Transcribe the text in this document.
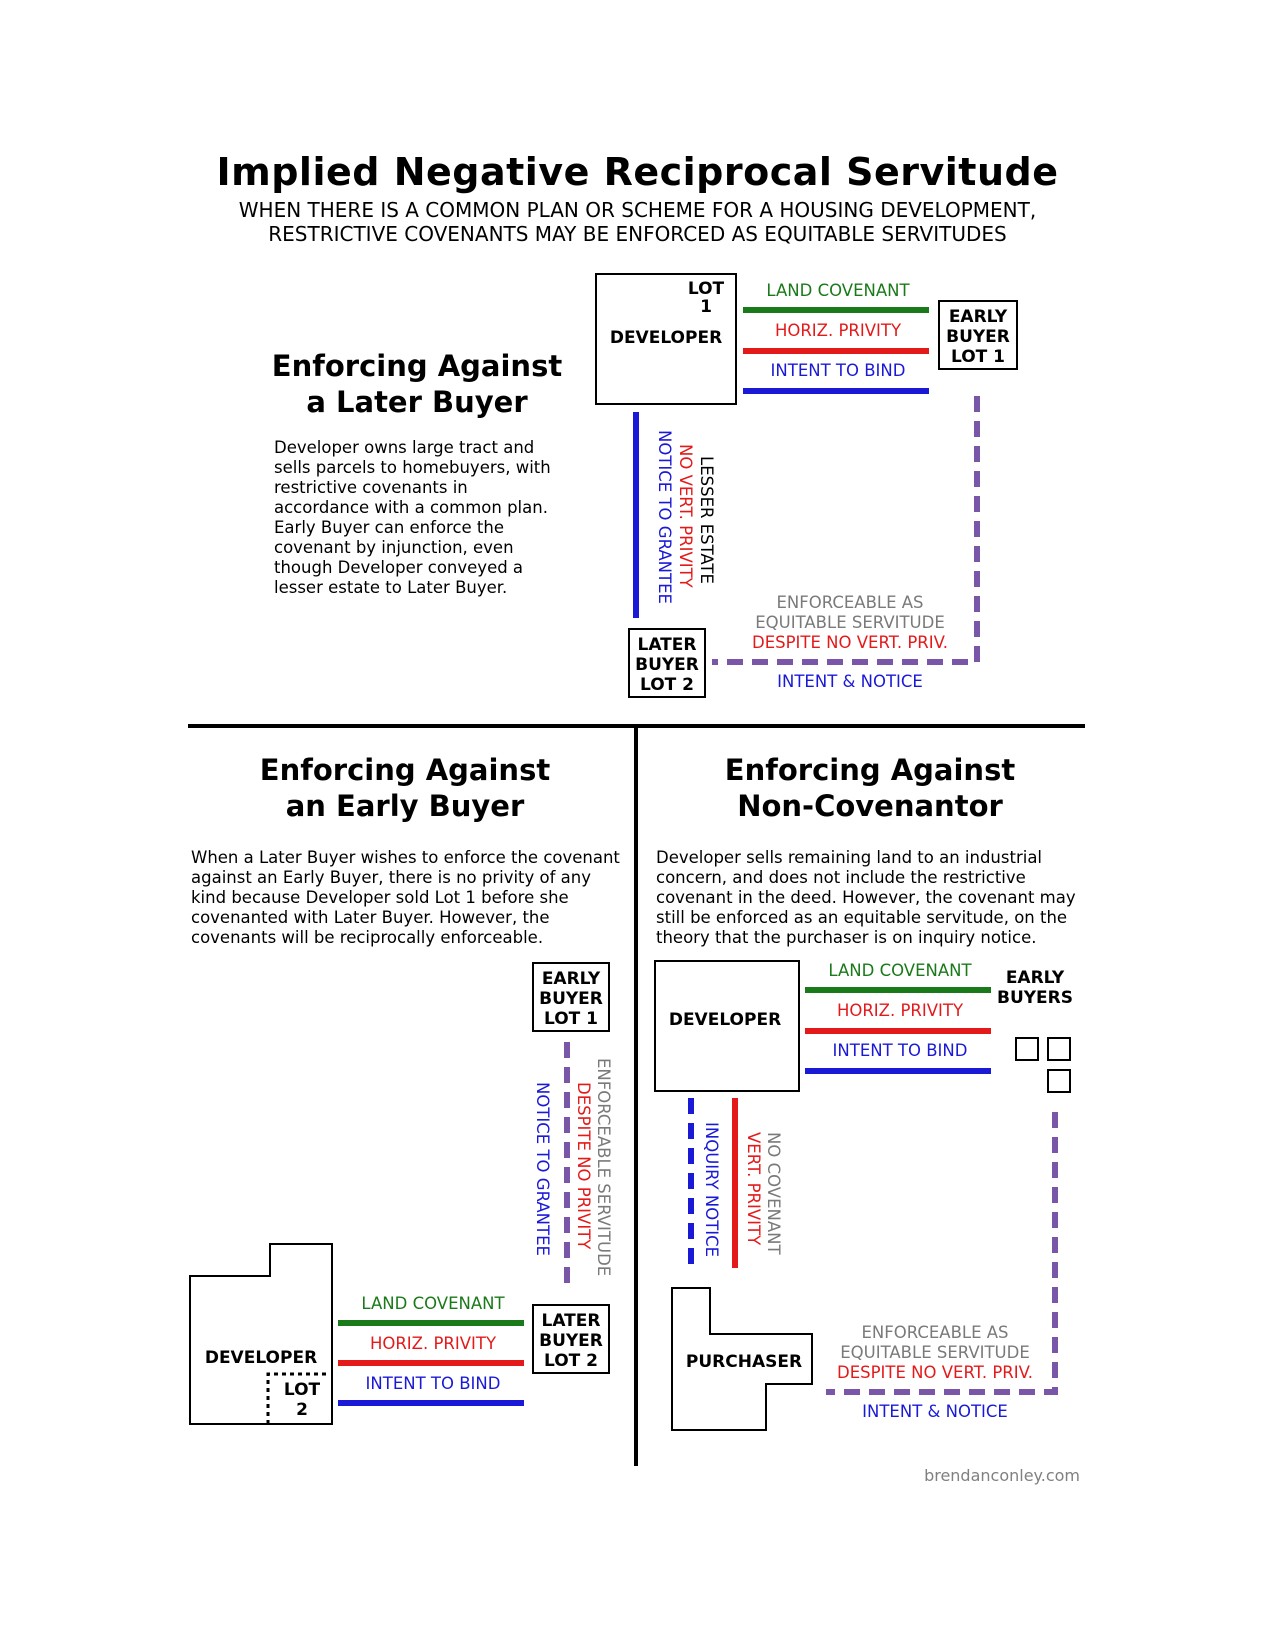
Implied Negative Reciprocal Servitude
WHEN THERE IS A COMMON PLAN OR SCHEME FOR A HOUSING DEVELOPMENT,
RESTRICTIVE COVENANTS MAY BE ENFORCED AS EQUITABLE SERVITUDES
Enforcing Against
a Later Buyer
Developer owns large tract and sells parcels to homebuyers, with restrictive covenants in accordance with a common plan. Early Buyer can enforce the covenant by injunction, even though Developer conveyed a lesser estate to Later Buyer.
DEVELOPER
LOT
1
LAND COVENANT
HORIZ. PRIVITY
INTENT TO BIND
EARLY
BUYER
LOT 1
LESSER ESTATE
NO VERT. PRIVITY
NOTICE TO GRANTEE
LATER
BUYER
LOT 2
ENFORCEABLE AS
EQUITABLE SERVITUDE
DESPITE NO VERT. PRIV.
INTENT & NOTICE
Enforcing Against
an Early Buyer
When a Later Buyer wishes to enforce the covenant against an Early Buyer, there is no privity of any kind because Developer sold Lot 1 before she covenanted with Later Buyer. However, the covenants will be reciprocally enforceable.
EARLY
BUYER
LOT 1
ENFORCEABLE SERVITUDE
DESPITE NO PRIVITY
NOTICE TO GRANTEE
DEVELOPER
LOT
2
LAND COVENANT
HORIZ. PRIVITY
INTENT TO BIND
LATER
BUYER
LOT 2
Enforcing Against
Non-Covenantor
Developer sells remaining land to an industrial concern, and does not include the restrictive covenant in the deed. However, the covenant may still be enforced as an equitable servitude, on the theory that the purchaser is on inquiry notice.
DEVELOPER
LAND COVENANT
HORIZ. PRIVITY
INTENT TO BIND
EARLY
BUYERS
INQUIRY NOTICE VERT. PRIVITY NO COVENANT
PURCHASER
ENFORCEABLE AS
EQUITABLE SERVITUDE
DESPITE NO VERT. PRIV.
INTENT & NOTICE
brendanconley.com
